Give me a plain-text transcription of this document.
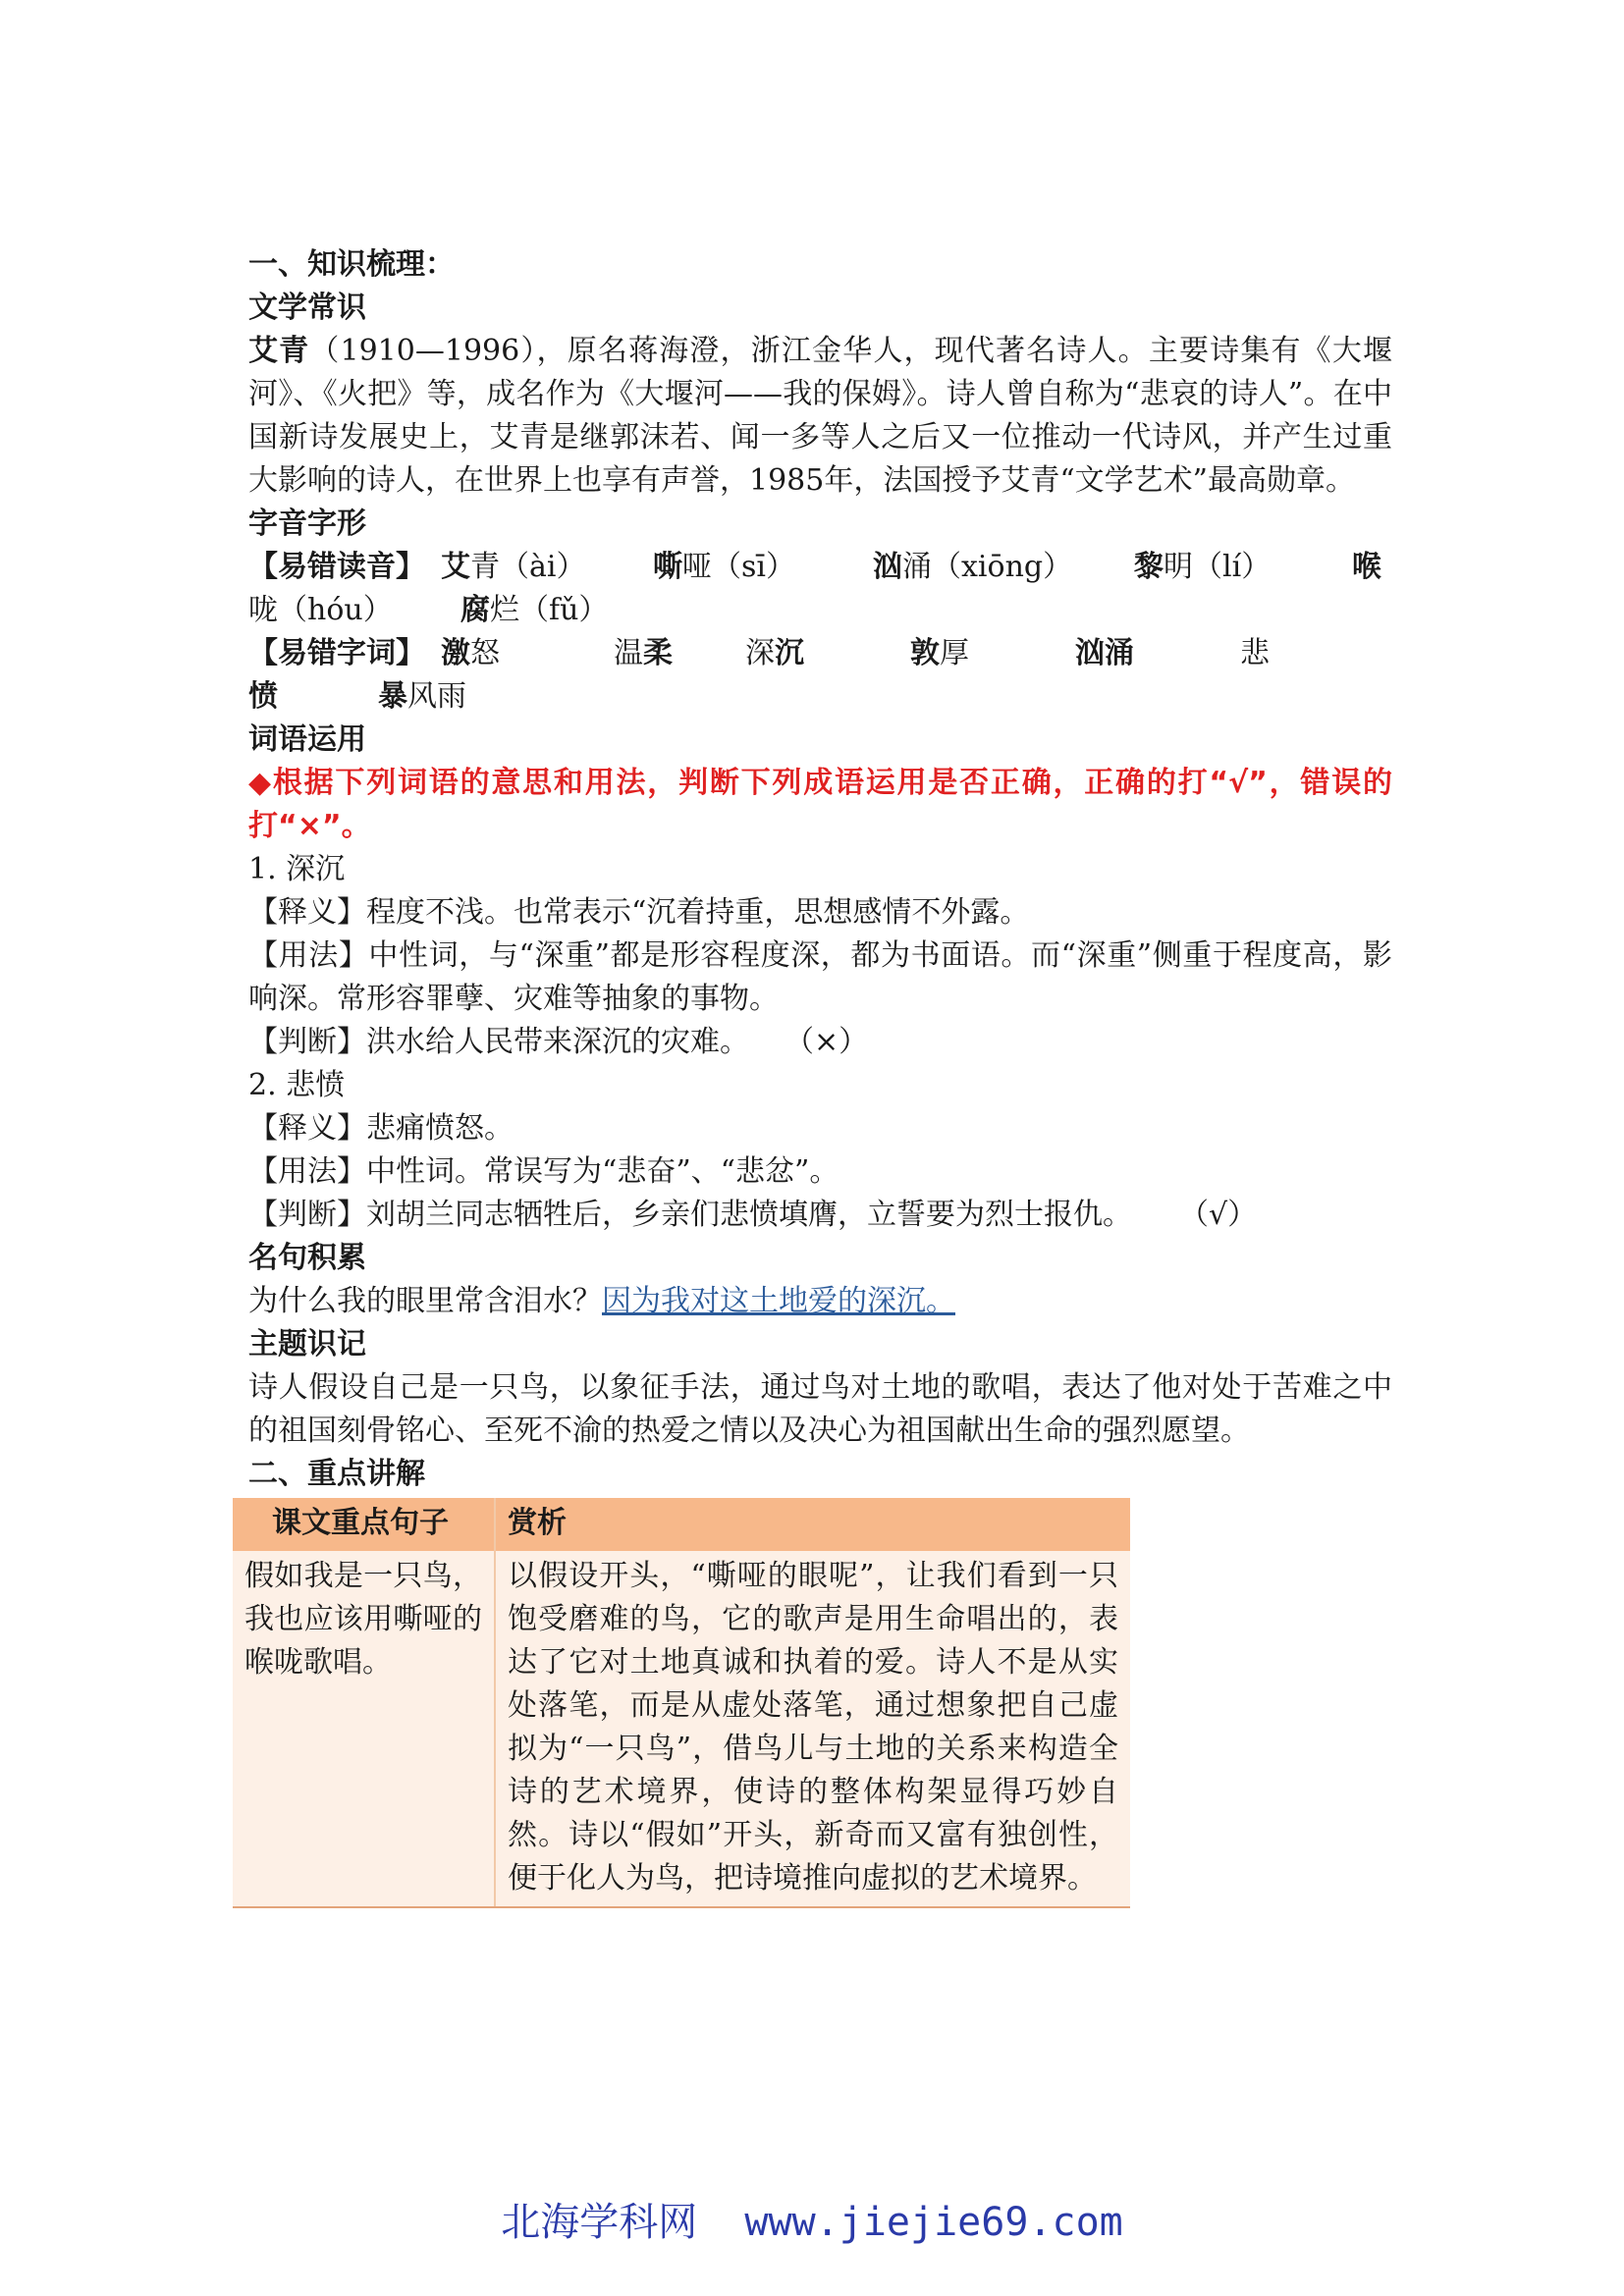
一、知识梳理：
文学常识
艾青（1910—1996），原名蒋海澄，浙江金华人，现代著名诗人。主要诗集有《大堰河》、《火把》等，成名作为《大堰河——我的保姆》。诗人曾自称为“悲哀的诗人”。在中国新诗发展史上，艾青是继郭沫若、闻一多等人之后又一位推动一代诗风，并产生过重大影响的诗人，在世界上也享有声誉，1985年，法国授予艾青“文学艺术”最高勋章。
字音字形
【易错读音】 艾青（ài）	嘶哑（sī）	汹涌（xiōng）	黎明（lí）	喉
咙（hóu）	腐烂（fǔ）
【易错字词】 激怒	温柔	深沉	敦厚	汹涌	悲
愤	暴风雨
词语运用
◆根据下列词语的意思和用法，判断下列成语运用是否正确，正确的打“√”，错误的打“×”。
1. 深沉
【释义】程度不浅。也常表示“沉着持重，思想感情不外露。
【用法】中性词，与“深重”都是形容程度深，都为书面语。而“深重”侧重于程度高，影响深。常形容罪孽、灾难等抽象的事物。
【判断】洪水给人民带来深沉的灾难。 （×）
2. 悲愤
【释义】悲痛愤怒。
【用法】中性词。常误写为“悲奋”、“悲忿”。
【判断】刘胡兰同志牺牲后，乡亲们悲愤填膺，立誓要为烈士报仇。 （√）
名句积累
为什么我的眼里常含泪水？因为我对这土地爱的深沉。
主题识记
诗人假设自己是一只鸟，以象征手法，通过鸟对土地的歌唱，表达了他对处于苦难之中的祖国刻骨铭心、至死不渝的热爱之情以及决心为祖国献出生命的强烈愿望。
二、重点讲解
课文重点句子	赏析
假如我是一只鸟，我也应该用嘶哑的喉咙歌唱。	以假设开头，“嘶哑的眼呢”，让我们看到一只饱受磨难的鸟，它的歌声是用生命唱出的，表达了它对土地真诚和执着的爱。诗人不是从实处落笔，而是从虚处落笔，通过想象把自己虚拟为“一只鸟”，借鸟儿与土地的关系来构造全诗的艺术境界，使诗的整体构架显得巧妙自然。诗以“假如”开头，新奇而又富有独创性，便于化人为鸟，把诗境推向虚拟的艺术境界。
北海学科网 www.jiejie69.com
